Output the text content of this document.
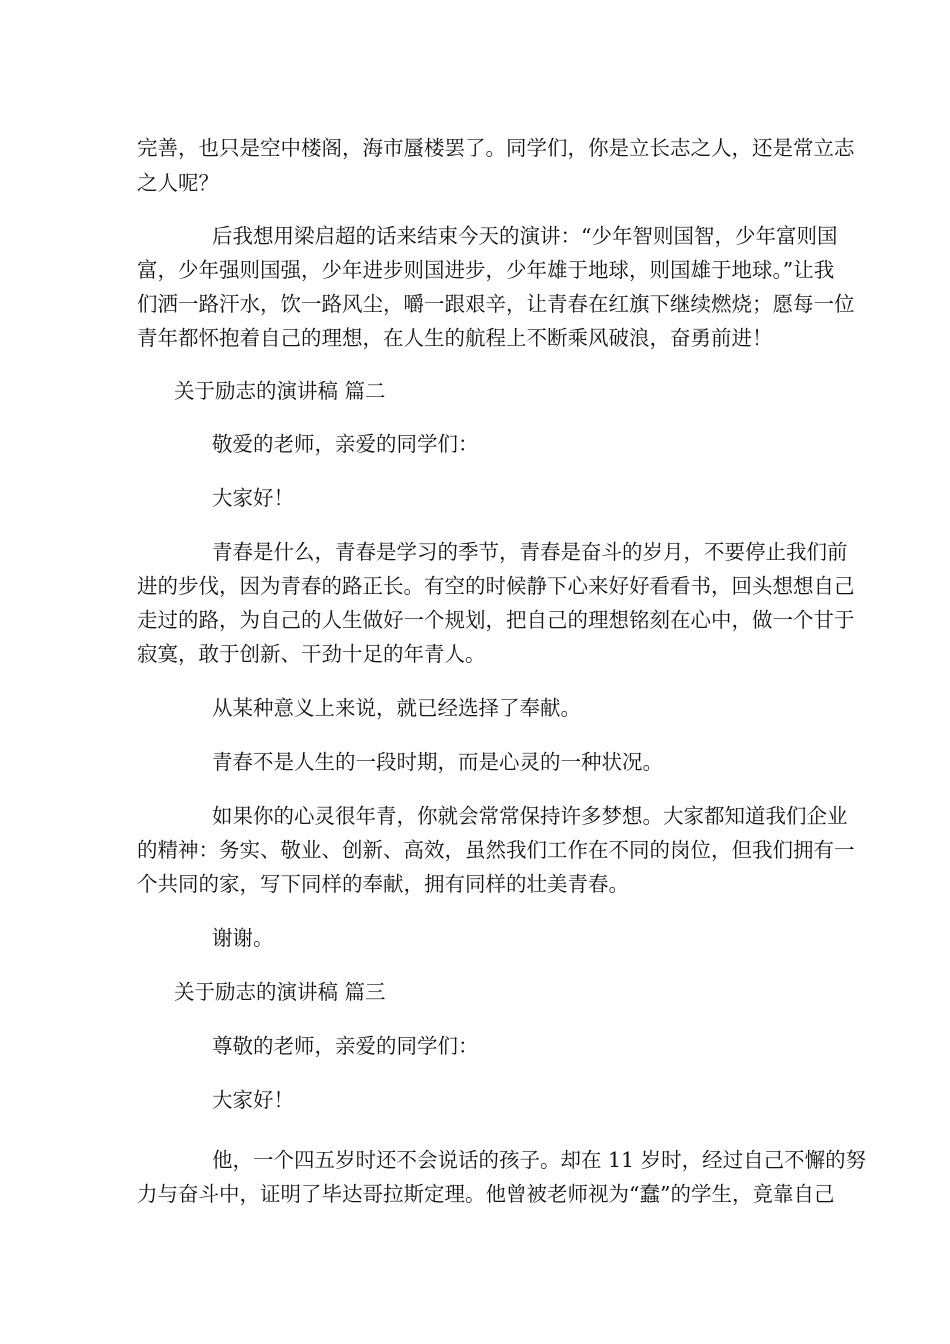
完善，也只是空中楼阁，海市蜃楼罢了。同学们，你是立长志之人，还是常立志

之人呢？

后我想用梁启超的话来结束今天的演讲：“少年智则国智，少年富则国

富，少年强则国强，少年进步则国进步，少年雄于地球，则国雄于地球。”让我

们洒一路汗水，饮一路风尘，嚼一跟艰辛，让青春在红旗下继续燃烧；愿每一位

青年都怀抱着自己的理想，在人生的航程上不断乘风破浪，奋勇前进！

关于励志的演讲稿 篇二

敬爱的老师，亲爱的同学们：

大家好！

青春是什么，青春是学习的季节，青春是奋斗的岁月，不要停止我们前

进的步伐，因为青春的路正长。有空的时候静下心来好好看看书，回头想想自己

走过的路，为自己的人生做好一个规划，把自己的理想铭刻在心中，做一个甘于

寂寞，敢于创新、干劲十足的年青人。

从某种意义上来说，就已经选择了奉献。

青春不是人生的一段时期，而是心灵的一种状况。

如果你的心灵很年青，你就会常常保持许多梦想。大家都知道我们企业

的精神：务实、敬业、创新、高效，虽然我们工作在不同的岗位，但我们拥有一

个共同的家，写下同样的奉献，拥有同样的壮美青春。

谢谢。

关于励志的演讲稿 篇三

尊敬的老师，亲爱的同学们：

大家好！

他，一个四五岁时还不会说话的孩子。却在 11 岁时，经过自己不懈的努

力与奋斗中，证明了毕达哥拉斯定理。他曾被老师视为“蠢”的学生，竟靠自己
